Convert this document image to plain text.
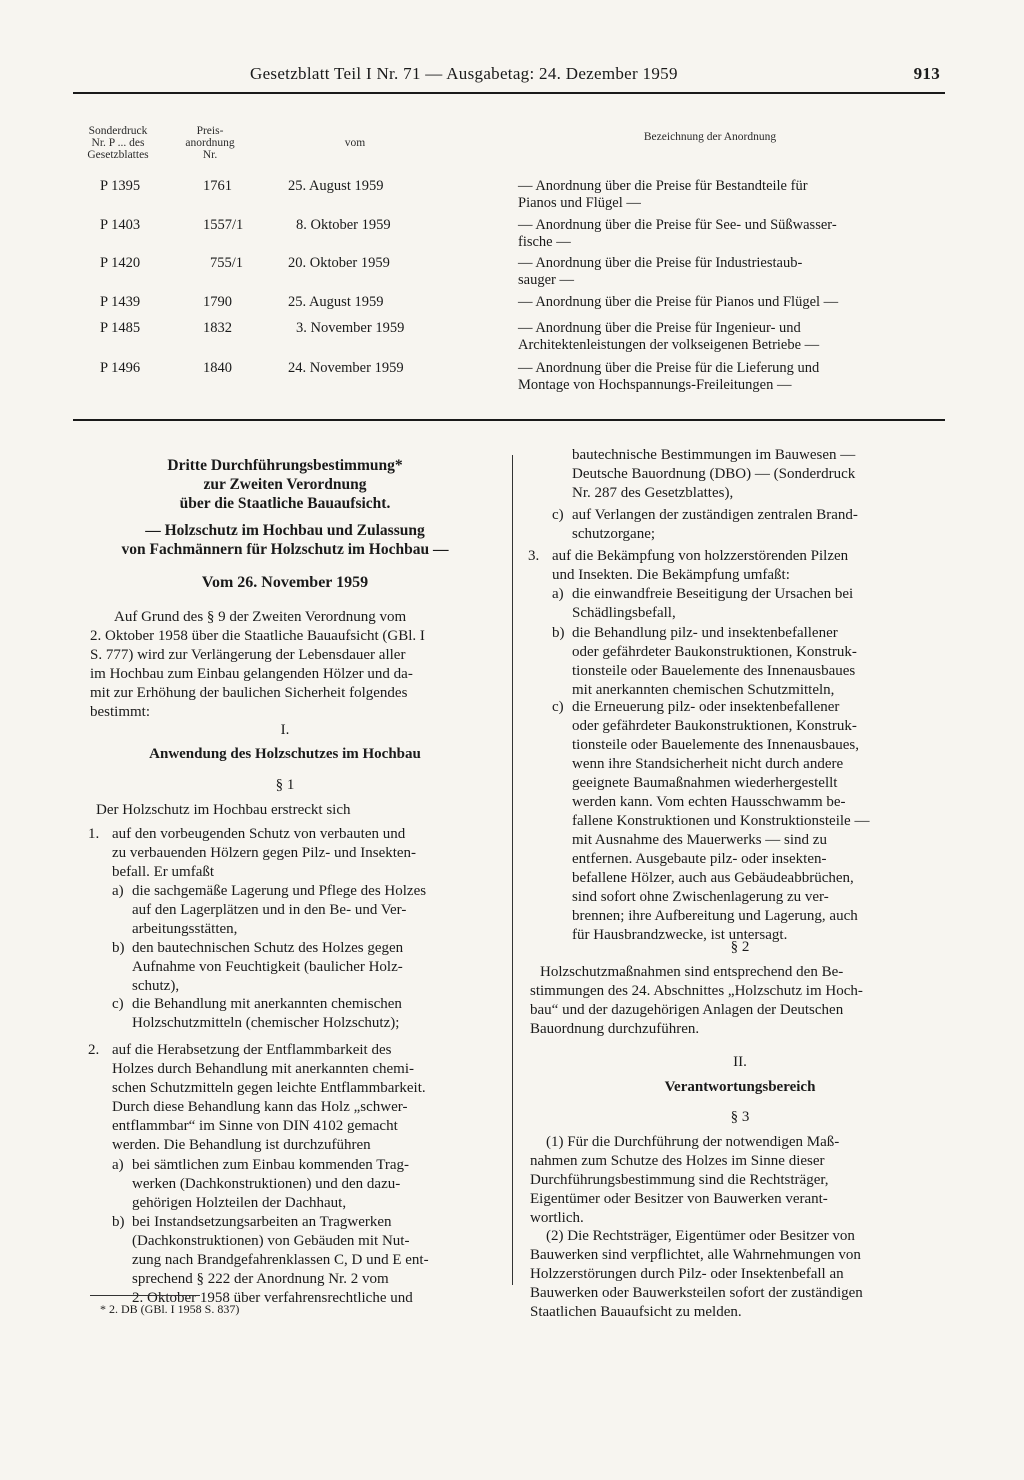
Gesetzblatt Teil I Nr. 71 — Ausgabetag: 24. Dezember 1959	913
Sonderdruck
Nr. P ... des
Gesetzblattes
Preis-
anordnung
Nr.
vom	Bezeichnung der Anordnung
P 1395	1761	25. August 1959	— Anordnung über die Preise für Bestandteile für
Pianos und Flügel —
P 1403	1557/1	8. Oktober 1959	— Anordnung über die Preise für See- und Süßwasser-
fische —
P 1420	755/1	20. Oktober 1959	— Anordnung über die Preise für Industriestaub-
sauger —
P 1439	1790	25. August 1959	— Anordnung über die Preise für Pianos und Flügel —
P 1485	1832	3. November 1959	— Anordnung über die Preise für Ingenieur- und
Architektenleistungen der volkseigenen Betriebe —
P 1496	1840	24. November 1959	— Anordnung über die Preise für die Lieferung und
Montage von Hochspannungs-Freileitungen —
Dritte Durchführungsbestimmung*
zur Zweiten Verordnung
über die Staatliche Bauaufsicht.
— Holzschutz im Hochbau und Zulassung
von Fachmännern für Holzschutz im Hochbau —
Vom 26. November 1959
Auf Grund des § 9 der Zweiten Verordnung vom
2. Oktober 1958 über die Staatliche Bauaufsicht (GBl. I
S. 777) wird zur Verlängerung der Lebensdauer aller
im Hochbau zum Einbau gelangenden Hölzer und da-
mit zur Erhöhung der baulichen Sicherheit folgendes
bestimmt:
I.
Anwendung des Holzschutzes im Hochbau
§ 1
Der Holzschutz im Hochbau erstreckt sich
1. auf den vorbeugenden Schutz von verbauten und
zu verbauenden Hölzern gegen Pilz- und Insekten-
befall. Er umfaßt
a) die sachgemäße Lagerung und Pflege des Holzes
auf den Lagerplätzen und in den Be- und Ver-
arbeitungsstätten,
b) den bautechnischen Schutz des Holzes gegen
Aufnahme von Feuchtigkeit (baulicher Holz-
schutz),
c) die Behandlung mit anerkannten chemischen
Holzschutzmitteln (chemischer Holzschutz);
2. auf die Herabsetzung der Entflammbarkeit des
Holzes durch Behandlung mit anerkannten chemi-
schen Schutzmitteln gegen leichte Entflammbarkeit.
Durch diese Behandlung kann das Holz „schwer-
entflammbar“ im Sinne von DIN 4102 gemacht
werden. Die Behandlung ist durchzuführen
a) bei sämtlichen zum Einbau kommenden Trag-
werken (Dachkonstruktionen) und den dazu-
gehörigen Holzteilen der Dachhaut,
b) bei Instandsetzungsarbeiten an Tragwerken
(Dachkonstruktionen) von Gebäuden mit Nut-
zung nach Brandgefahrenklassen C, D und E ent-
sprechend § 222 der Anordnung Nr. 2 vom
2. Oktober 1958 über verfahrensrechtliche und
* 2. DB (GBl. I 1958 S. 837)
bautechnische Bestimmungen im Bauwesen —
Deutsche Bauordnung (DBO) — (Sonderdruck
Nr. 287 des Gesetzblattes),
c) auf Verlangen der zuständigen zentralen Brand-
schutzorgane;
3. auf die Bekämpfung von holzzerstörenden Pilzen
und Insekten. Die Bekämpfung umfaßt:
a) die einwandfreie Beseitigung der Ursachen bei
Schädlingsbefall,
b) die Behandlung pilz- und insektenbefallener
oder gefährdeter Baukonstruktionen, Konstruk-
tionsteile oder Bauelemente des Innenausbaues
mit anerkannten chemischen Schutzmitteln,
c) die Erneuerung pilz- oder insektenbefallener
oder gefährdeter Baukonstruktionen, Konstruk-
tionsteile oder Bauelemente des Innenausbaues,
wenn ihre Standsicherheit nicht durch andere
geeignete Baumaßnahmen wiederhergestellt
werden kann. Vom echten Hausschwamm be-
fallene Konstruktionen und Konstruktionsteile —
mit Ausnahme des Mauerwerks — sind zu
entfernen. Ausgebaute pilz- oder insekten-
befallene Hölzer, auch aus Gebäudeabbrüchen,
sind sofort ohne Zwischenlagerung zu ver-
brennen; ihre Aufbereitung und Lagerung, auch
für Hausbrandzwecke, ist untersagt.
§ 2
Holzschutzmaßnahmen sind entsprechend den Be-
stimmungen des 24. Abschnittes „Holzschutz im Hoch-
bau“ und der dazugehörigen Anlagen der Deutschen
Bauordnung durchzuführen.
II.
Verantwortungsbereich
§ 3
(1) Für die Durchführung der notwendigen Maß-
nahmen zum Schutze des Holzes im Sinne dieser
Durchführungsbestimmung sind die Rechtsträger,
Eigentümer oder Besitzer von Bauwerken verant-
wortlich.
(2) Die Rechtsträger, Eigentümer oder Besitzer von
Bauwerken sind verpflichtet, alle Wahrnehmungen von
Holzzerstörungen durch Pilz- oder Insektenbefall an
Bauwerken oder Bauwerksteilen sofort der zuständigen
Staatlichen Bauaufsicht zu melden.
